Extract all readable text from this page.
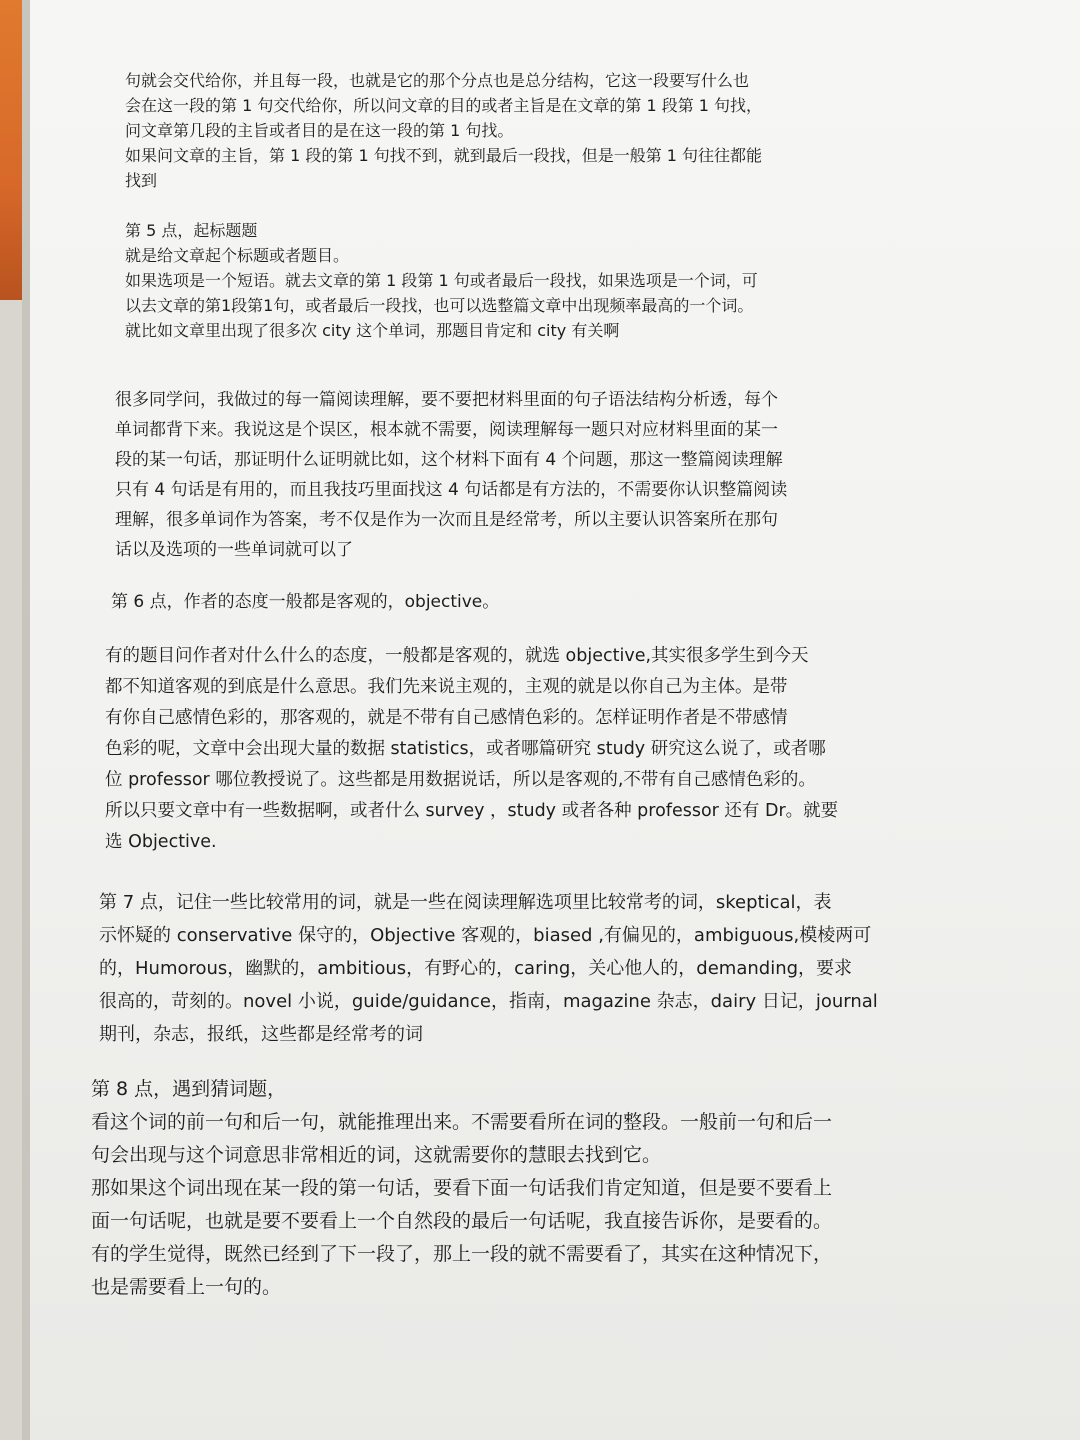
句就会交代给你，并且每一段，也就是它的那个分点也是总分结构，它这一段要写什么也
会在这一段的第 1 句交代给你，所以问文章的目的或者主旨是在文章的第 1 段第 1 句找，
问文章第几段的主旨或者目的是在这一段的第 1 句找。
如果问文章的主旨，第 1 段的第 1 句找不到，就到最后一段找，但是一般第 1 句往往都能
找到
第 5 点，起标题题
就是给文章起个标题或者题目。
如果选项是一个短语。就去文章的第 1 段第 1 句或者最后一段找，如果选项是一个词，可
以去文章的第1段第1句，或者最后一段找，也可以选整篇文章中出现频率最高的一个词。
就比如文章里出现了很多次 city 这个单词，那题目肯定和 city 有关啊
很多同学问，我做过的每一篇阅读理解，要不要把材料里面的句子语法结构分析透，每个
单词都背下来。我说这是个误区，根本就不需要，阅读理解每一题只对应材料里面的某一
段的某一句话，那证明什么证明就比如，这个材料下面有 4 个问题，那这一整篇阅读理解
只有 4 句话是有用的，而且我技巧里面找这 4 句话都是有方法的，不需要你认识整篇阅读
理解，很多单词作为答案，考不仅是作为一次而且是经常考，所以主要认识答案所在那句
话以及选项的一些单词就可以了
第 6 点，作者的态度一般都是客观的，objective。
有的题目问作者对什么什么的态度，一般都是客观的，就选 objective,其实很多学生到今天
都不知道客观的到底是什么意思。我们先来说主观的，主观的就是以你自己为主体。是带
有你自己感情色彩的，那客观的，就是不带有自己感情色彩的。怎样证明作者是不带感情
色彩的呢，文章中会出现大量的数据 statistics，或者哪篇研究 study 研究这么说了，或者哪
位 professor 哪位教授说了。这些都是用数据说话，所以是客观的,不带有自己感情色彩的。
所以只要文章中有一些数据啊，或者什么 survey ，study 或者各种 professor 还有 Dr。就要
选 Objective.
第 7 点，记住一些比较常用的词，就是一些在阅读理解选项里比较常考的词，skeptical，表
示怀疑的 conservative 保守的，Objective 客观的，biased ,有偏见的，ambiguous,模棱两可
的，Humorous，幽默的，ambitious，有野心的，caring，关心他人的，demanding，要求
很高的，苛刻的。novel 小说，guide/guidance，指南，magazine 杂志，dairy 日记，journal
期刊，杂志，报纸，这些都是经常考的词
第 8 点，遇到猜词题，
看这个词的前一句和后一句，就能推理出来。不需要看所在词的整段。一般前一句和后一
句会出现与这个词意思非常相近的词，这就需要你的慧眼去找到它。
那如果这个词出现在某一段的第一句话，要看下面一句话我们肯定知道，但是要不要看上
面一句话呢，也就是要不要看上一个自然段的最后一句话呢，我直接告诉你，是要看的。
有的学生觉得，既然已经到了下一段了，那上一段的就不需要看了，其实在这种情况下，
也是需要看上一句的。
